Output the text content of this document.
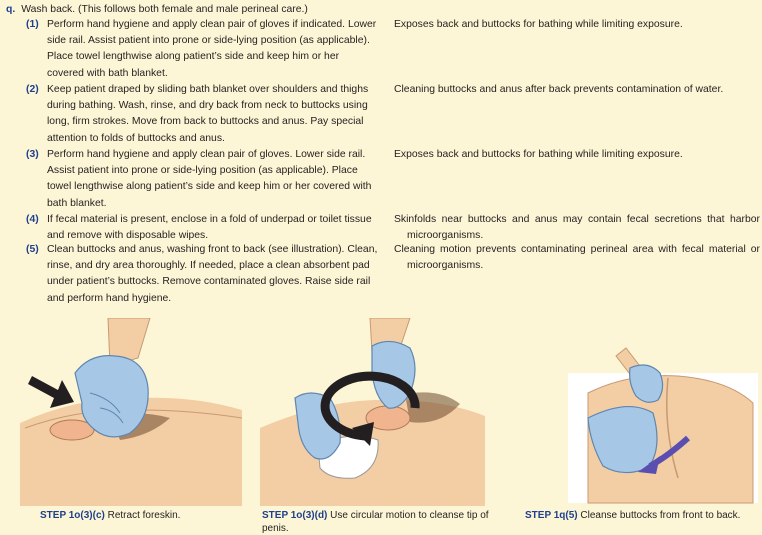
q. Wash back. (This follows both female and male perineal care.)
(1) Perform hand hygiene and apply clean pair of gloves if indicated. Lower side rail. Assist patient into prone or side-lying position (as applicable). Place towel lengthwise along patient’s side and keep him or her covered with bath blanket.
(2) Keep patient draped by sliding bath blanket over shoulders and thighs during bathing. Wash, rinse, and dry back from neck to buttocks using long, firm strokes. Move from back to buttocks and anus. Pay special attention to folds of buttocks and anus.
(3) Perform hand hygiene and apply clean pair of gloves. Lower side rail. Assist patient into prone or side-lying position (as applicable). Place towel lengthwise along patient’s side and keep him or her covered with bath blanket.
(4) If fecal material is present, enclose in a fold of underpad or toilet tissue and remove with disposable wipes.
(5) Clean buttocks and anus, washing front to back (see illustration). Clean, rinse, and dry area thoroughly. If needed, place a clean absorbent pad under patient’s buttocks. Remove contaminated gloves. Raise side rail and perform hand hygiene.
Exposes back and buttocks for bathing while limiting exposure.
Cleaning buttocks and anus after back prevents contamination of water.
Exposes back and buttocks for bathing while limiting exposure.
Skinfolds near buttocks and anus may contain fecal secretions that harbor microorganisms.
Cleaning motion prevents contaminating perineal area with fecal material or microorganisms.
STEP 1o(3)(c) Retract foreskin.	STEP 1o(3)(d) Use circular motion to cleanse tip of penis.
STEP 1q(5) Cleanse buttocks from front to back.
